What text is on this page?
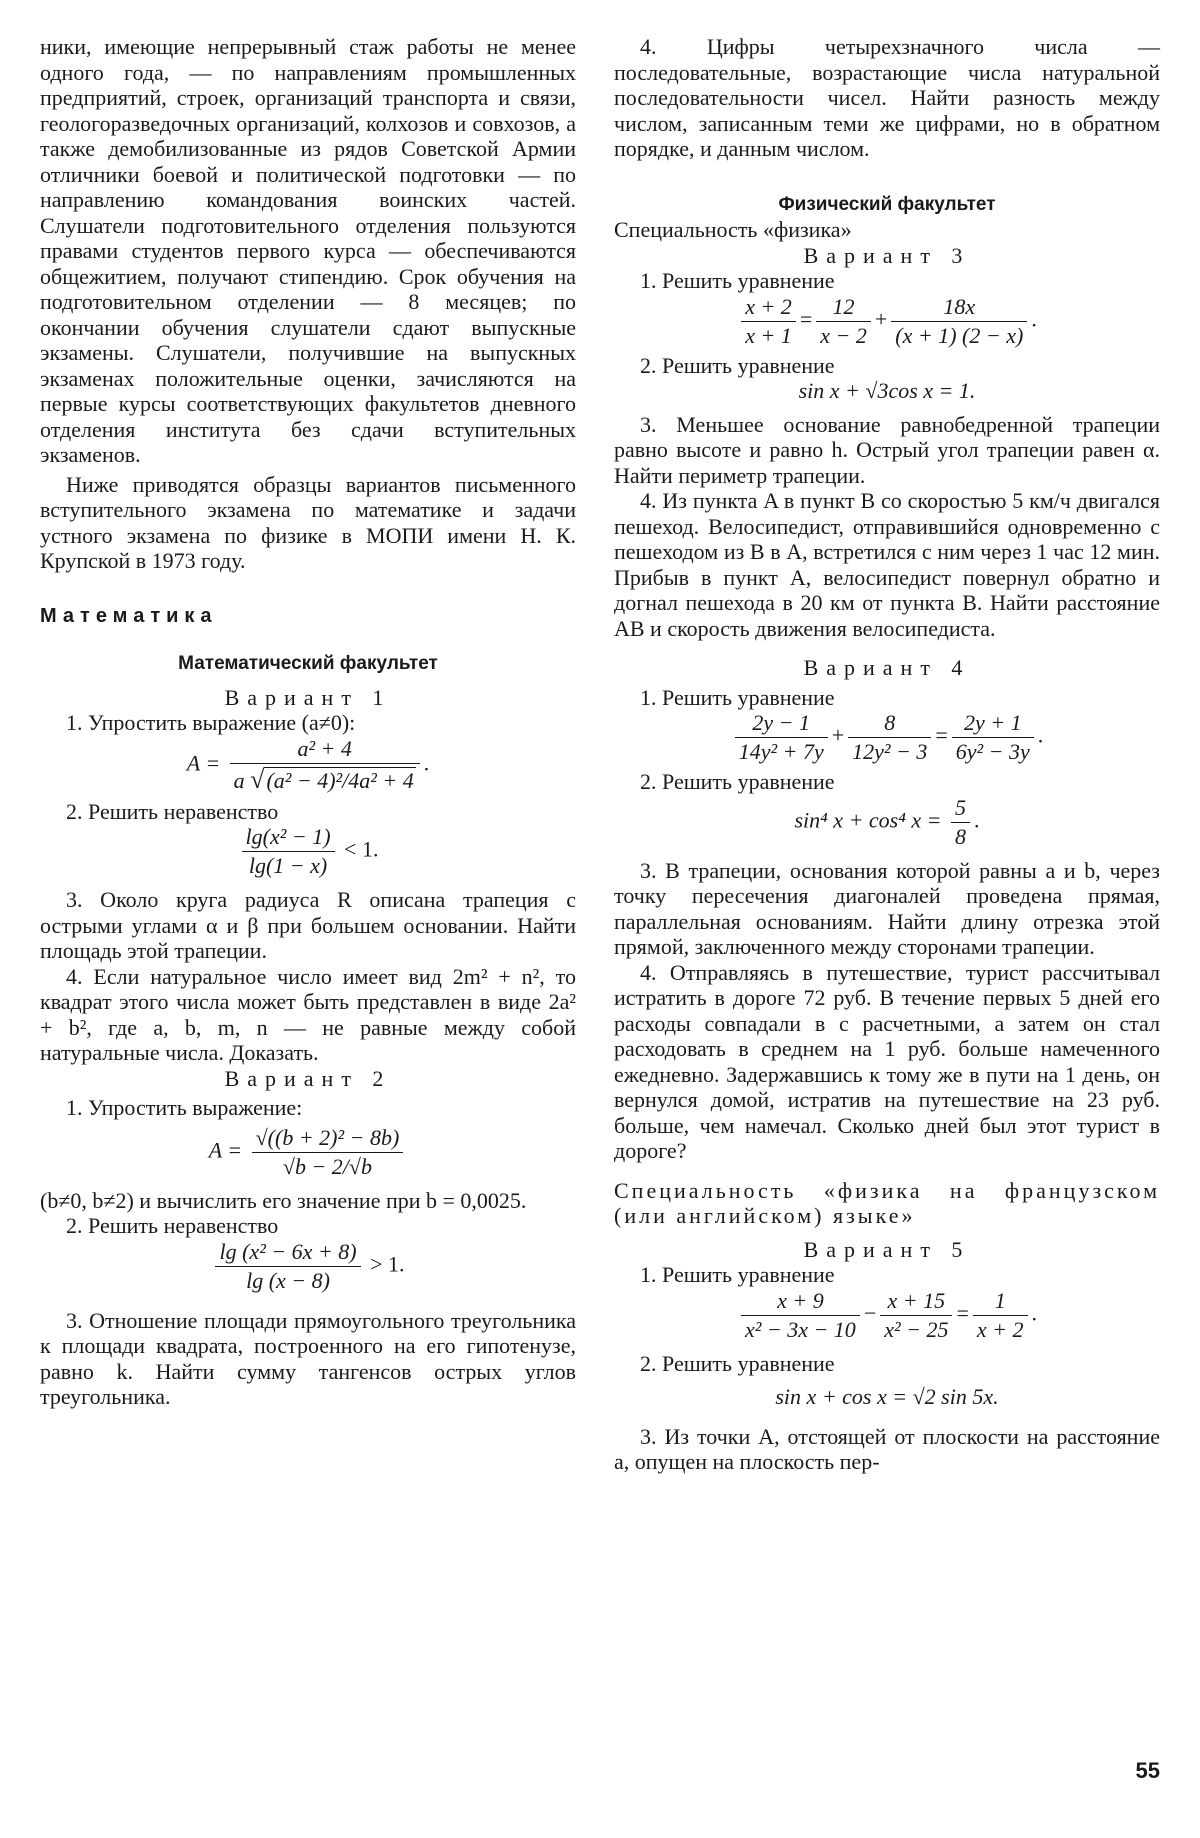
ники, имеющие непрерывный стаж работы не менее одного года, — по направлениям промышленных предприятий, строек, организаций транспорта и связи, геологоразведочных организаций, колхозов и совхозов, а также демобилизованные из рядов Советской Армии отличники боевой и политической подготовки — по направлению командования воинских частей. Слушатели подготовительного отделения пользуются правами студентов первого курса — обеспечиваются общежитием, получают стипендию. Срок обучения на подготовительном отделении — 8 месяцев; по окончании обучения слушатели сдают выпускные экзамены. Слушатели, получившие на выпускных экзаменах положительные оценки, зачисляются на первые курсы соответствующих факультетов дневного отделения института без сдачи вступительных экзаменов.

Ниже приводятся образцы вариантов письменного вступительного экзамена по математике и задачи устного экзамена по физике в МОПИ имени Н. К. Крупской в 1973 году.

Математика

Математический факультет

Вариант 1

1. Упростить выражение (a≠0):

$A = \frac{\text{a² + 4}}{\text{a √(a² − 4)²/4a² + 4}}$ .

2. Решить неравенство

$\frac{\text{lg(x² − 1)}}{\lg(1 - x)} < 1$.

3. Около круга радиуса R описана трапеция с острыми углами α и β при большем основании. Найти площадь этой трапеции.

4. Если натуральное число имеет вид 2m² + n², то квадрат этого числа может быть представлен в виде 2a² + b², где a, b, m, n — не равные между собой натуральные числа. Доказать.

Вариант 2

1. Упростить выражение:

$A = \frac{\text{√((b + 2)² − 8b)}}{√b - 2/√b}$

(b≠0, b≠2) и вычислить его значение при b = 0,0025.

2. Решить неравенство

$\frac{\text{lg (x² − 6x + 8)}}{\lg (x - 8)} > 1$.

3. Отношение площади прямоугольного треугольника к площади квадрата, построенного на его гипотенузе, равно k. Найти сумму тангенсов острых углов треугольника.

4. Цифры четырехзначного числа — последовательные, возрастающие числа натуральной последовательности чисел. Найти разность между числом, записанным теми же цифрами, но в обратном порядке, и данным числом.

Физический факультет

Специальность «физика»

Вариант 3

1. Решить уравнение

$\frac{x + 2}{x + 1} = \frac{12}{x - 2} + \frac{18x}{(x + 1) (2 - x)}$ .

2. Решить уравнение

sin x + √3cos x = 1.

3. Меньшее основание равнобедренной трапеции равно высоте и равно h. Острый угол трапеции равен α. Найти периметр трапеции.

4. Из пункта A в пункт B со скоростью 5 км/ч двигался пешеход. Велосипедист, отправившийся одновременно с пешеходом из B в A, встретился с ним через 1 час 12 мин. Прибыв в пункт A, велосипедист повернул обратно и догнал пешехода в 20 км от пункта B. Найти расстояние AB и скорость движения велосипедиста.

Вариант 4

1. Решить уравнение

$\frac{2y - 1}{\text{14y² + 7y}} + \frac{8}{\text{12y² − 3}} = \frac{2y + 1}{\text{6y² − 3y}}$ .

2. Решить уравнение

sin⁴ x + cos⁴ $x = \frac{5}{8}$ .

3. В трапеции, основания которой равны a и b, через точку пересечения диагоналей проведена прямая, параллельная основаниям. Найти длину отрезка этой прямой, заключенного между сторонами трапеции.

4. Отправляясь в путешествие, турист рассчитывал истратить в дороге 72 руб. В течение первых 5 дней его расходы совпадали в с расчетными, а затем он стал расходовать в среднем на 1 руб. больше намеченного ежедневно. Задержавшись к тому же в пути на 1 день, он вернулся домой, истратив на путешествие на 23 руб. больше, чем намечал. Сколько дней был этот турист в дороге?

Специальность «физика на французском (или английском) языке»

Вариант 5

1. Решить уравнение

$\frac{x + 9}{\text{x² − 3x − 10}} - \frac{x + 15}{\text{x² − 25}} = \frac{1}{x + 2}$ .

2. Решить уравнение

sin x + cos x = √2 sin 5x.

3. Из точки A, отстоящей от плоскости на расстояние a, опущен на плоскость пер-

55
